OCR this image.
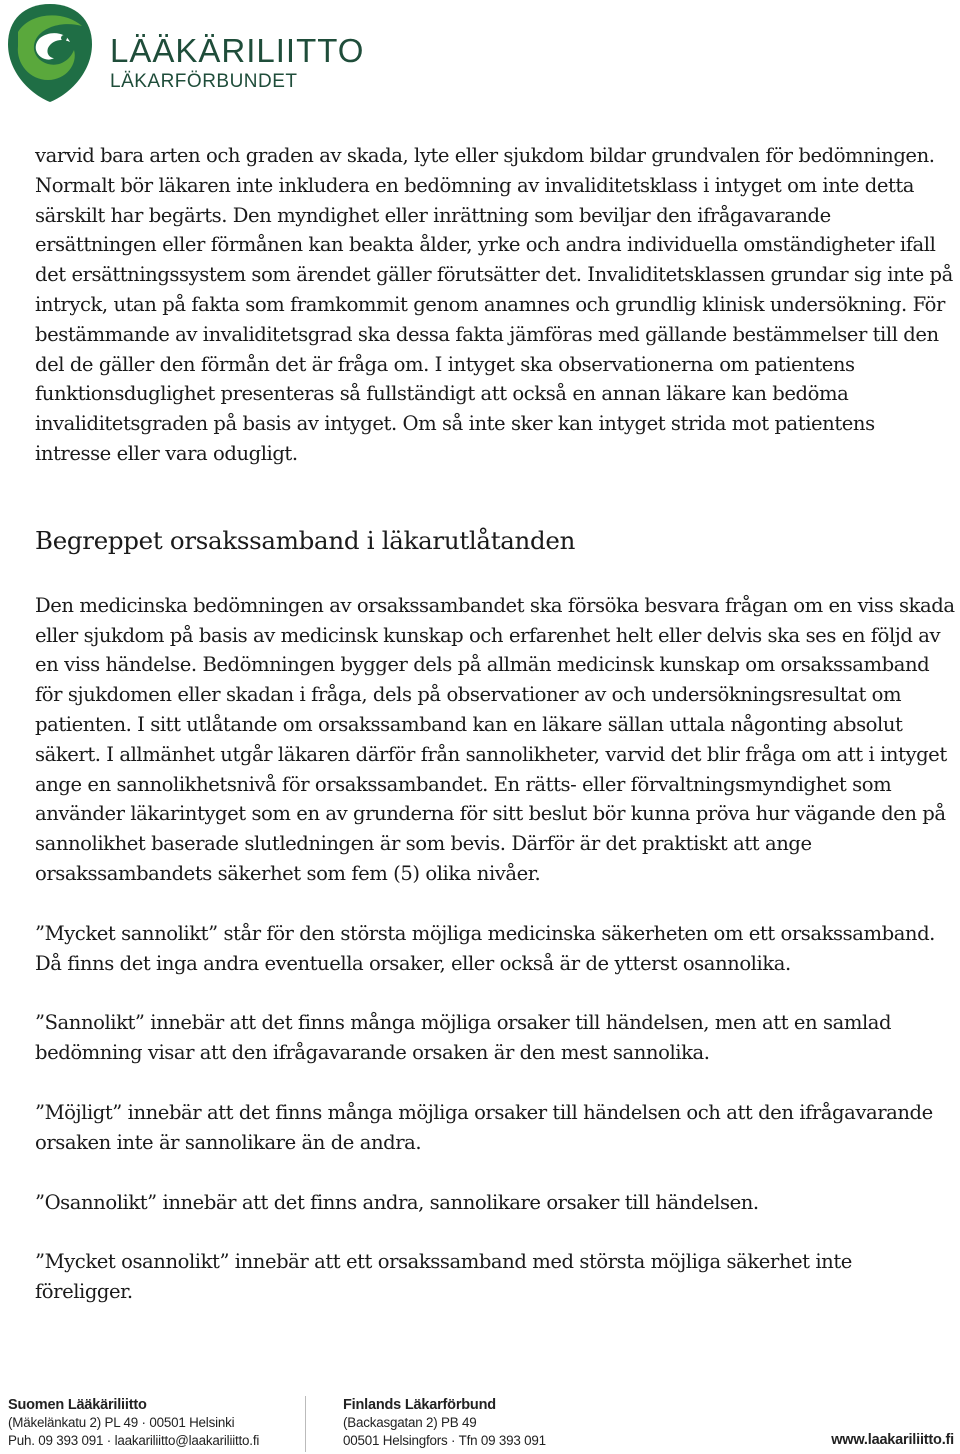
LÄÄKÄRILIITTO
LÄKARFÖRBUNDET

varvid bara arten och graden av skada, lyte eller sjukdom bildar grundvalen för bedömningen. Normalt bör läkaren inte inkludera en bedömning av invaliditetsklass i intyget om inte detta särskilt har begärts. Den myndighet eller inrättning som beviljar den ifrågavarande ersättningen eller förmånen kan beakta ålder, yrke och andra individuella omständigheter ifall det ersättningssystem som ärendet gäller förutsätter det. Invaliditetsklassen grundar sig inte på intryck, utan på fakta som framkommit genom anamnes och grundlig klinisk undersökning. För bestämmande av invaliditetsgrad ska dessa fakta jämföras med gällande bestämmelser till den del de gäller den förmån det är fråga om. I intyget ska observationerna om patientens funktionsduglighet presenteras så fullständigt att också en annan läkare kan bedöma invaliditetsgraden på basis av intyget. Om så inte sker kan intyget strida mot patientens intresse eller vara odugligt.

Begreppet orsakssamband i läkarutlåtanden

Den medicinska bedömningen av orsakssambandet ska försöka besvara frågan om en viss skada eller sjukdom på basis av medicinsk kunskap och erfarenhet helt eller delvis ska ses en följd av en viss händelse. Bedömningen bygger dels på allmän medicinsk kunskap om orsakssamband för sjukdomen eller skadan i fråga, dels på observationer av och undersökningsresultat om patienten. I sitt utlåtande om orsakssamband kan en läkare sällan uttala någonting absolut säkert. I allmänhet utgår läkaren därför från sannolikheter, varvid det blir fråga om att i intyget ange en sannolikhetsnivå för orsakssambandet. En rätts- eller förvaltningsmyndighet som använder läkarintyget som en av grunderna för sitt beslut bör kunna pröva hur vägande den på sannolikhet baserade slutledningen är som bevis. Därför är det praktiskt att ange orsakssambandets säkerhet som fem (5) olika nivåer.

”Mycket sannolikt” står för den största möjliga medicinska säkerheten om ett orsakssamband. Då finns det inga andra eventuella orsaker, eller också är de ytterst osannolika.

”Sannolikt” innebär att det finns många möjliga orsaker till händelsen, men att en samlad bedömning visar att den ifrågavarande orsaken är den mest sannolika.

”Möjligt” innebär att det finns många möjliga orsaker till händelsen och att den ifrågavarande orsaken inte är sannolikare än de andra.

”Osannolikt” innebär att det finns andra, sannolikare orsaker till händelsen.

”Mycket osannolikt” innebär att ett orsakssamband med största möjliga säkerhet inte föreligger.

Suomen Lääkäriliitto
(Mäkelänkatu 2) PL 49 · 00501 Helsinki
Puh. 09 393 091 · laakariliitto@laakariliitto.fi
Finlands Läkarförbund
(Backasgatan 2) PB 49
00501 Helsingfors · Tfn 09 393 091	www.laakariliitto.fi
